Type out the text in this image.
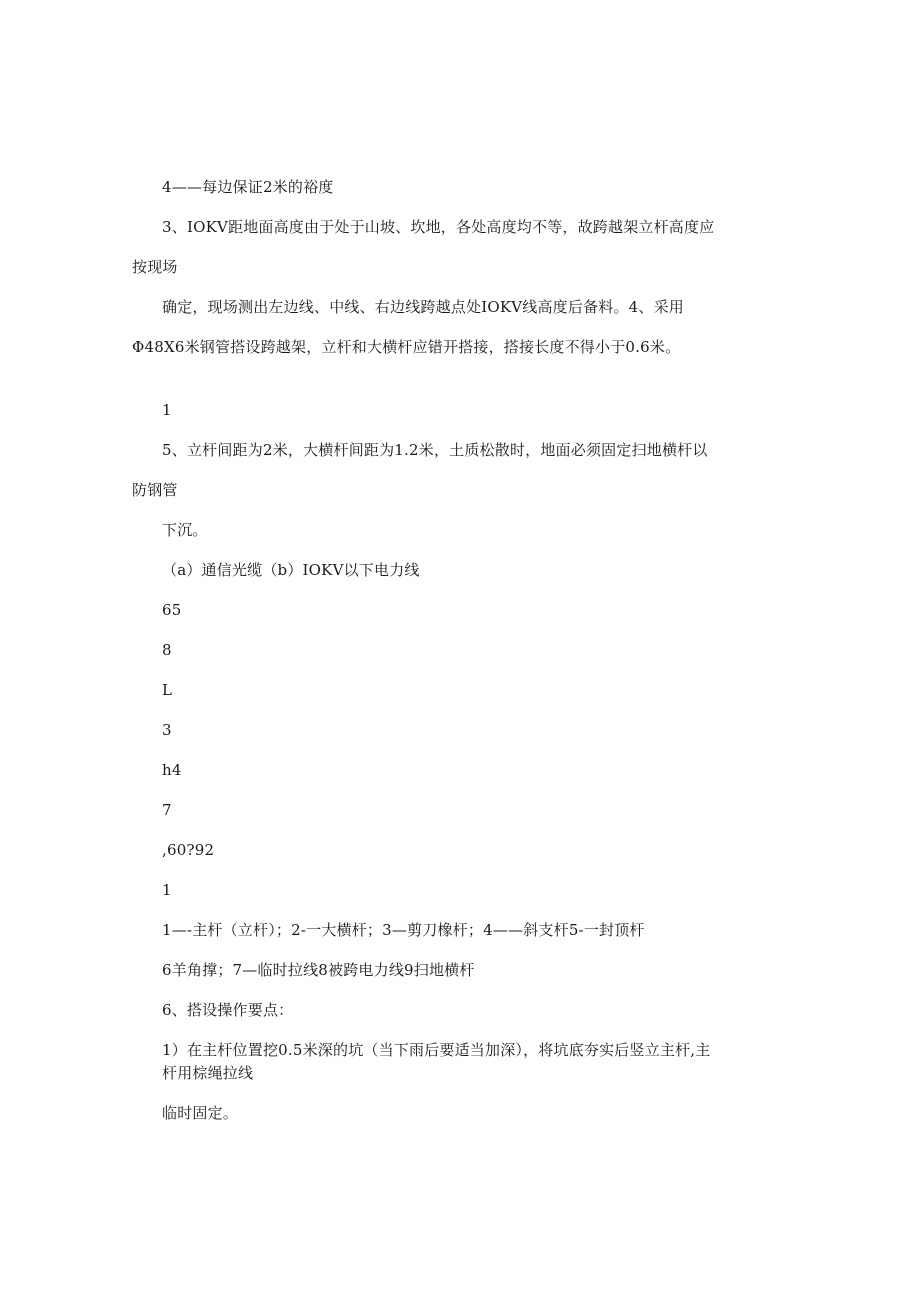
4——每边保证2米的裕度
3、IOKV距地面高度由于处于山坡、坎地，各处高度均不等，故跨越架立杆高度应
按现场
确定，现场测出左边线、中线、右边线跨越点处IOKV线高度后备料。4、采用
Φ48X6米钢管搭设跨越架，立杆和大横杆应错开搭接，搭接长度不得小于0.6米。
1
5、立杆间距为2米，大横杆间距为1.2米，土质松散时，地面必须固定扫地横杆以
防钢管
下沉。
（a）通信光缆（b）IOKV以下电力线
65
8
L
3
h4
7
,60?92
1
1—-主杆（立杆）；2-一大横杆；3—剪刀橡杆；4——斜支杆5-一封顶杆
6羊角撑；7—临时拉线8被跨电力线9扫地横杆
6、搭设操作要点：
1）在主杆位置挖0.5米深的坑（当下雨后要适当加深），将坑底夯实后竖立主杆,主
杆用棕绳拉线
临时固定。
